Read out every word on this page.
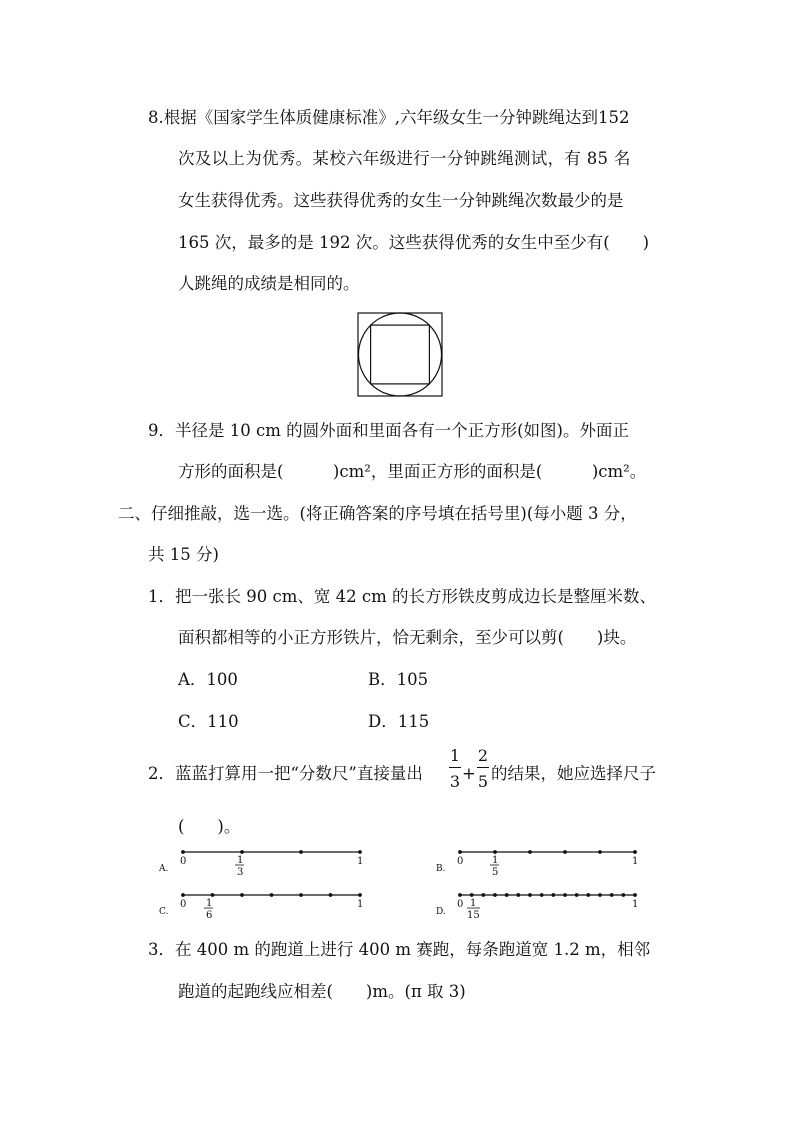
8.根据《国家学生体质健康标准》,六年级女生一分钟跳绳达到152
次及以上为优秀。某校六年级进行一分钟跳绳测试，有 85 名
女生获得优秀。这些获得优秀的女生一分钟跳绳次数最少的是
165 次，最多的是 192 次。这些获得优秀的女生中至少有(　　)
人跳绳的成绩是相同的。
9．半径是 10 cm 的圆外面和里面各有一个正方形(如图)。外面正
方形的面积是(　　　)cm²，里面正方形的面积是(　　　)cm²。
二、仔细推敲，选一选。(将正确答案的序号填在括号里)(每小题 3 分，
共 15 分)
1．把一张长 90 cm、宽 42 cm 的长方形铁皮剪成边长是整厘米数、
面积都相等的小正方形铁片，恰无剩余，至少可以剪(　　)块。
A．100	B．105
C．110	D．115
2．蓝蓝打算用一把“分数尺”直接量出
1
3 +
2
5 的结果，她应选择尺子
(　　)。
A.
0	1
1
3	B.
0	1
1
5
C.
0	1
1
6	D.
0	1
1
15
3．在 400 m 的跑道上进行 400 m 赛跑，每条跑道宽 1.2 m，相邻
跑道的起跑线应相差(　　)m。(π 取 3)
